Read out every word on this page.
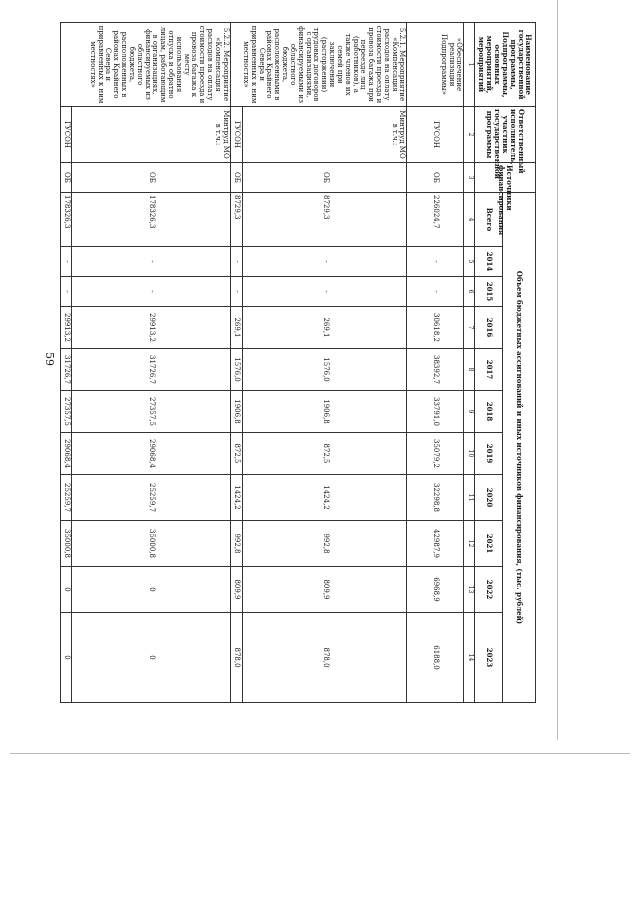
59
Наименование государственной программы, Подпрограммы, основных мероприятий, мероприятий	Ответственный исполнитель, участник государственной программы	Источники финансирования	Объем бюджетных ассигнований и иных источников финансирования, (тыс. рублей)										
			Всего	2014	2015	2016	2017	2018	2019	2020	2021	2022	2023
1	2	3	4	5	6	7	8	9	10	11	12	13	14
«Обеспечение реализации Подпрограммы»	ГУСОН	ОБ	226024,7	-	-	30618,2	38392,7	33791,0	35079,2	32298,8	42987,9	6968,9	6188,0
5.2.1. Мероприятие «Компенсация расходов на оплату стоимости проезда и провоза багажа при переезде лиц (работников), а также членов их семей при заключении (расторжении) трудовых договоров с организациями, финансируемыми из областного бюджета, расположенными в районах Крайнего Севера и приравненных к ним местностях»	Минтруд МО в т.ч.:	ОБ	8729,3	-	-	269,1	1576,0	1906,8	872,5	1424,2	992,8	809,9	878,0
	ГУСОН	ОБ	8729,3	-	-	269,1	1576,0	1906,8	872,5	1424,2	992,8	809,9	878,0
5.2.2. Мероприятие «Компенсация расходов на оплату стоимости проезда и провоза багажа к месту использования отпуска и обратно лицам, работающим в организациях, финансируемых из областного бюджета, расположенных в районах Крайнего Севера и приравненных к ним местностях»	Минтруд МО в т.ч.:	ОБ	178326,3	-	-	29913,2	31726,7	27357,5	29068,4	25259,7	35000,8	0	0
	ГУСОН	ОБ	178326,3	-	-	29913,2	31726,7	27357,5	29068,4	25259,7	35000,8	0	0
